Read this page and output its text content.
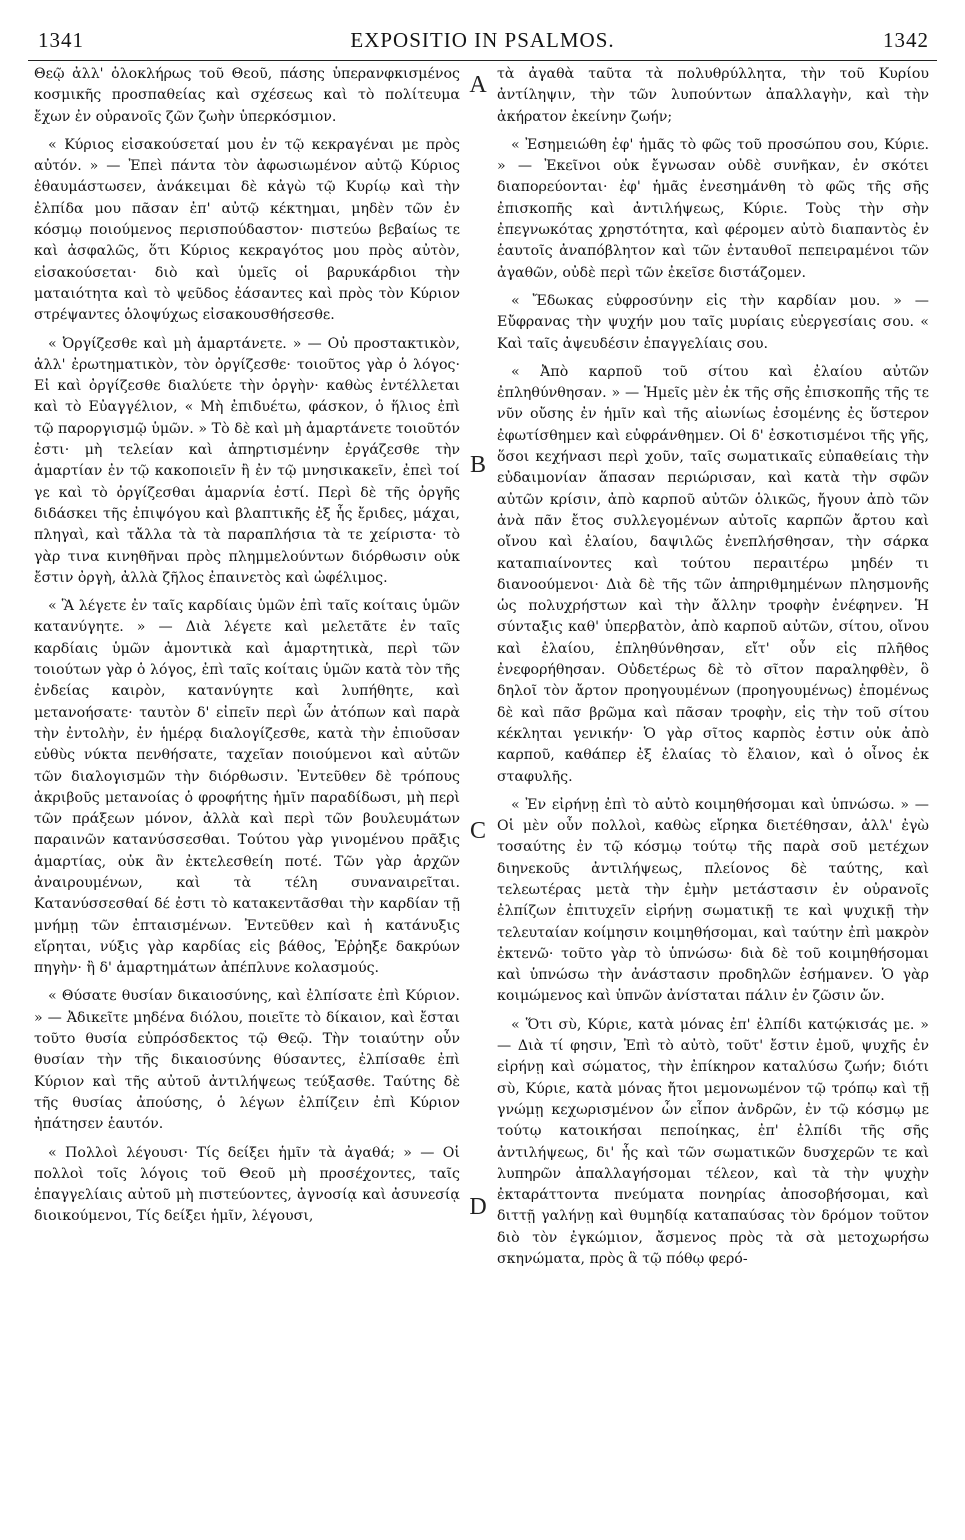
1341	EXPOSITIO IN PSALMOS.	1342

Θεῷ ἀλλ' ὁλοκλήρως τοῦ Θεοῦ, πάσης ὑπερανφκισμένος κοσμικῆς προσπαθείας καὶ σχέσεως καὶ τὸ πολίτευμα ἔχων ἐν οὐρανοῖς ζῶν ζωὴν ὑπερκόσμιον.

« Κύριος εἰσακούσεταί μου ἐν τῷ κεκραγέναι με πρὸς αὐτόν. » — Ἐπεὶ πάντα τὸν ἀφωσιωμένον αὐτῷ Κύριος ἐθαυμάστωσεν, ἀνάκειμαι δὲ κἀγὼ τῷ Κυρίῳ καὶ τὴν ἐλπίδα μου πᾶσαν ἐπ' αὐτῷ κέκτημαι, μηδὲν τῶν ἐν κόσμῳ ποιούμενος περισπούδαστον· πιστεύω βεβαίως τε καὶ ἀσφαλῶς, ὅτι Κύριος κεκραγότος μου πρὸς αὐτὸν, εἰσακούσεται· διὸ καὶ ὑμεῖς οἱ βαρυκάρδιοι τὴν ματαιότητα καὶ τὸ ψεῦδος ἐάσαντες καὶ πρὸς τὸν Κύριον στρέψαντες ὁλοψύχως εἰσακουσθήσεσθε.

« Ὀργίζεσθε καὶ μὴ ἁμαρτάνετε. » — Οὐ προστακτικὸν, ἀλλ' ἐρωτηματικὸν, τὸν ὀργίζεσθε· τοιοῦτος γὰρ ὁ λόγος· Εἰ καὶ ὀργίζεσθε διαλύετε τὴν ὀργὴν· καθὼς ἐντέλλεται καὶ τὸ Εὐαγγέλιον, « Μὴ ἐπιδυέτω, φάσκον, ὁ ἥλιος ἐπὶ τῷ παροργισμῷ ὑμῶν. » Τὸ δὲ καὶ μὴ ἁμαρτάνετε τοιοῦτόν ἐστι· μὴ τελείαν καὶ ἀπηρτισμένην ἐργάζεσθε τὴν ἁμαρτίαν ἐν τῷ κακοποιεῖν ἢ ἐν τῷ μνησικακεῖν, ἐπεὶ τοί γε καὶ τὸ ὀργίζεσθαι ἁμαρνία ἐστί. Περὶ δὲ τῆς ὀργῆς διδάσκει τῆς ἐπιψόγου καὶ βλαπτικῆς ἐξ ἧς ἔριδες, μάχαι, πληγαὶ, καὶ τἄλλα τὰ τὰ παραπλήσια τὰ τε χείριστα· τὸ γὰρ τινα κινηθῆναι πρὸς πλημμελούντων διόρθωσιν οὐκ ἔστιν ὀργὴ, ἀλλὰ ζῆλος ἐπαινετὸς καὶ ὠφέλιμος.

« Ἃ λέγετε ἐν ταῖς καρδίαις ὑμῶν ἐπὶ ταῖς κοίταις ὑμῶν κατανύγητε. » — Διὰ λέγετε καὶ μελετᾶτε ἐν ταῖς καρδίαις ὑμῶν ἀμοντικὰ καὶ ἁμαρτητικὰ, περὶ τῶν τοιούτων γὰρ ὁ λόγος, ἐπὶ ταῖς κοίταις ὑμῶν κατὰ τὸν τῆς ἐνδείας καιρὸν, κατανύγητε καὶ λυπήθητε, καὶ μετανοήσατε· ταυτὸν δ' εἰπεῖν περὶ ὧν ἀτόπων καὶ παρὰ τὴν ἐντολὴν, ἐν ἡμέρᾳ διαλογίζεσθε, κατὰ τὴν ἐπιοῦσαν εὐθὺς νύκτα πενθήσατε, ταχεῖαν ποιούμενοι καὶ αὐτῶν τῶν διαλογισμῶν τὴν διόρθωσιν. Ἐντεῦθεν δὲ τρόπους ἀκριβοῦς μετανοίας ὁ φροφήτης ἡμῖν παραδίδωσι, μὴ περὶ τῶν πράξεων μόνον, ἀλλὰ καὶ περὶ τῶν βουλευμάτων παραινῶν κατανύσσεσθαι. Τούτου γὰρ γινομένου πρᾶξις ἁμαρτίας, οὐκ ἂν ἐκτελεσθείη ποτέ. Τῶν γὰρ ἀρχῶν ἀναιρουμένων, καὶ τὰ τέλη συναναιρεῖται. Κατανύσσεσθαί δέ ἐστι τὸ κατακεντᾶσθαι τὴν καρδίαν τῇ μνήμῃ τῶν ἐπταισμένων. Ἐντεῦθεν καὶ ἡ κατάνυξις εἴρηται, νύξις γὰρ καρδίας εἰς βάθος, Ἐῤῥηξε δακρύων πηγὴν· ἢ δ' ἁμαρτημάτων ἀπέπλυνε κολασμούς.

« Θύσατε θυσίαν δικαιοσύνης, καὶ ἐλπίσατε ἐπὶ Κύριον. » — Ἀδικεῖτε μηδένα διόλου, ποιεῖτε τὸ δίκαιον, καὶ ἔσται τοῦτο θυσία εὐπρόσδεκτος τῷ Θεῷ. Τὴν τοιαύτην οὖν θυσίαν τὴν τῆς δικαιοσύνης θύσαντες, ἐλπίσαθε ἐπὶ Κύριον καὶ τῆς αὐτοῦ ἀντιλήψεως τεύξασθε. Ταύτης δὲ τῆς θυσίας ἀπούσης, ὁ λέγων ἐλπίζειν ἐπὶ Κύριον ἠπάτησεν ἑαυτόν.

« Πολλοὶ λέγουσι· Τίς δείξει ἡμῖν τὰ ἀγαθά; » — Οἱ πολλοὶ τοῖς λόγοις τοῦ Θεοῦ μὴ προσέχοντες, ταῖς ἐπαγγελίαις αὐτοῦ μὴ πιστεύοντες, ἀγνοσίᾳ καὶ ἀσυνεσίᾳ διοικούμενοι, Τίς δείξει ἡμῖν, λέγουσι,

A
B
C
D

τὰ ἀγαθὰ ταῦτα τὰ πολυθρύλλητα, τὴν τοῦ Κυρίου ἀντίληψιν, τὴν τῶν λυπούντων ἀπαλλαγὴν, καὶ τὴν ἀκήρατον ἐκείνην ζωήν;

« Ἐσημειώθη ἐφ' ἡμᾶς τὸ φῶς τοῦ προσώπου σου, Κύριε. » — Ἐκεῖνοι οὐκ ἔγνωσαν οὐδὲ συνῆκαν, ἐν σκότει διαπορεύονται· ἐφ' ἡμᾶς ἐνεσημάνθη τὸ φῶς τῆς σῆς ἐπισκοπῆς καὶ ἀντιλήψεως, Κύριε. Τοὺς τὴν σὴν ἐπεγνωκότας χρηστότητα, καὶ φέρομεν αὐτὸ διαπαντὸς ἐν ἑαυτοῖς ἀναπόβλητον καὶ τῶν ἐνταυθοῖ πεπειραμένοι τῶν ἀγαθῶν, οὐδὲ περὶ τῶν ἐκεῖσε διστάζομεν.

« Ἔδωκας εὐφροσύνην εἰς τὴν καρδίαν μου. » — Εὔφρανας τὴν ψυχήν μου ταῖς μυρίαις εὐεργεσίαις σου. « Καὶ ταῖς ἀψευδέσιν ἐπαγγελίαις σου.

« Ἀπὸ καρποῦ τοῦ σίτου καὶ ἐλαίου αὐτῶν ἐπληθύνθησαν. » — Ἡμεῖς μὲν ἐκ τῆς σῆς ἐπισκοπῆς τῆς τε νῦν οὔσης ἐν ἡμῖν καὶ τῆς αἰωνίως ἐσομένης ἐς ὕστερον ἐφωτίσθημεν καὶ εὐφράνθημεν. Οἱ δ' ἐσκοτισμένοι τῆς γῆς, ὅσοι κεχήνασι περὶ χοῦν, ταῖς σωματικαῖς εὐπαθείαις τὴν εὐδαιμονίαν ἅπασαν περιώρισαν, καὶ κατὰ τὴν σφῶν αὐτῶν κρίσιν, ἀπὸ καρποῦ αὐτῶν ὁλικῶς, ἤγουν ἀπὸ τῶν ἀνὰ πᾶν ἔτος συλλεγομένων αὐτοῖς καρπῶν ἄρτου καὶ οἴνου καὶ ἐλαίου, δαψιλῶς ἐνεπλήσθησαν, τὴν σάρκα καταπιαίνοντες καὶ τούτου περαιτέρω μηδέν τι διανοούμενοι· Διὰ δὲ τῆς τῶν ἀπηριθμημένων πλησμονῆς ὡς πολυχρήστων καὶ τὴν ἄλλην τροφὴν ἐνέφηνεν. Ἡ σύνταξις καθ' ὑπερβατὸν, ἀπὸ καρποῦ αὐτῶν, σίτου, οἴνου καὶ ἐλαίου, ἐπληθύνθησαν, εἴτ' οὖν εἰς πλῆθος ἐνεφορήθησαν. Οὐδετέρως δὲ τὸ σῖτον παραληφθὲν, ὃ δηλοῖ τὸν ἄρτον προηγουμένων (προηγουμένως) ἐπομένως δὲ καὶ πᾶσ βρῶμα καὶ πᾶσαν τροφὴν, εἰς τὴν τοῦ σίτου κέκληται γενικήν· Ὁ γὰρ σῖτος καρπὸς ἐστιν οὐκ ἀπὸ καρποῦ, καθάπερ ἐξ ἐλαίας τὸ ἔλαιον, καὶ ὁ οἶνος ἐκ σταφυλῆς.

« Ἐν εἰρήνῃ ἐπὶ τὸ αὐτὸ κοιμηθήσομαι καὶ ὑπνώσω. » — Οἱ μὲν οὖν πολλοὶ, καθὼς εἴρηκα διετέθησαν, ἀλλ' ἐγὼ τοσαύτης ἐν τῷ κόσμῳ τούτῳ τῆς παρὰ σοῦ μετέχων διηνεκοῦς ἀντιλήψεως, πλείονος δὲ ταύτης, καὶ τελεωτέρας μετὰ τὴν ἐμὴν μετάστασιν ἐν οὐρανοῖς ἐλπίζων ἐπιτυχεῖν εἰρήνῃ σωματικῇ τε καὶ ψυχικῇ τὴν τελευταίαν κοίμησιν κοιμηθήσομαι, καὶ ταύτην ἐπὶ μακρὸν ἐκτενῶ· τοῦτο γὰρ τὸ ὑπνώσω· διὰ δὲ τοῦ κοιμηθήσομαι καὶ ὑπνώσω τὴν ἀνάστασιν προδηλῶν ἐσήμανεν. Ὁ γὰρ κοιμώμενος καὶ ὑπνῶν ἀνίσταται πάλιν ἐν ζῶσιν ὤν.

« Ὅτι σὺ, Κύριε, κατὰ μόνας ἐπ' ἐλπίδι κατῴκισάς με. » — Διὰ τί φησιν, Ἐπὶ τὸ αὐτὸ, τοῦτ' ἔστιν ἐμοῦ, ψυχῆς ἐν εἰρήνῃ καὶ σώματος, τὴν ἐπίκηρον καταλύσω ζωήν; διότι σὺ, Κύριε, κατὰ μόνας ἤτοι μεμονωμένον τῷ τρόπῳ καὶ τῇ γνώμῃ κεχωρισμένον ὧν εἶπον ἀνδρῶν, ἐν τῷ κόσμῳ με τούτῳ κατοικήσαι πεποίηκας, ἐπ' ἐλπίδι τῆς σῆς ἀντιλήψεως, δι' ἧς καὶ τῶν σωματικῶν δυσχερῶν τε καὶ λυπηρῶν ἀπαλλαγήσομαι τέλεον, καὶ τὰ τὴν ψυχὴν ἐκταράττοντα πνεύματα πονηρίας ἀποσοβήσομαι, καὶ διττῇ γαλήνῃ καὶ θυμηδίᾳ καταπαύσας τὸν δρόμον τοῦτον διὸ τὸν ἐγκώμιον, ἄσμενος πρὸς τὰ σὰ μετοχωρήσω σκηνώματα, πρὸς ἃ τῷ πόθῳ φερό-
